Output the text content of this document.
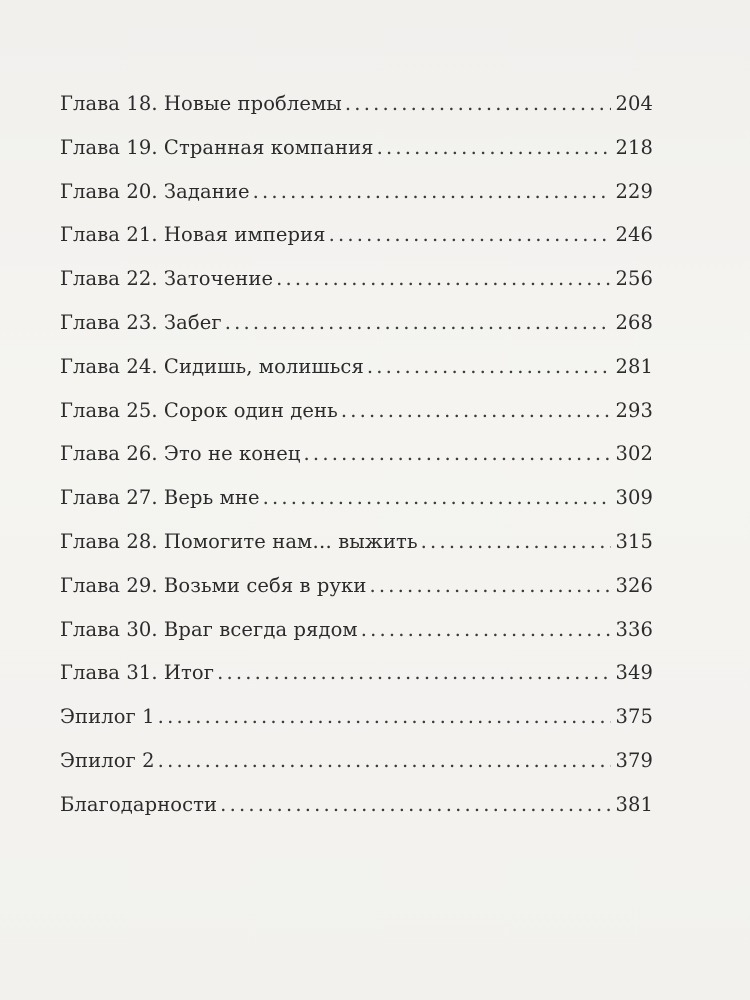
Глава 18. Новые проблемы . . .	204
Глава 19. Странная компания . . .	218
Глава 20. Задание . . .	229
Глава 21. Новая империя . . .	246
Глава 22. Заточение . . .	256
Глава 23. Забег . . .	268
Глава 24. Сидишь, молишься . . .	281
Глава 25. Сорок один день . . .	293
Глава 26. Это не конец . . .	302
Глава 27. Верь мне . . .	309
Глава 28. Помогите нам… выжить . . .	315
Глава 29. Возьми себя в руки . . .	326
Глава 30. Враг всегда рядом . . .	336
Глава 31. Итог . . .	349
Эпилог 1 . . .	375
Эпилог 2 . . .	379
Благодарности . . .	381
